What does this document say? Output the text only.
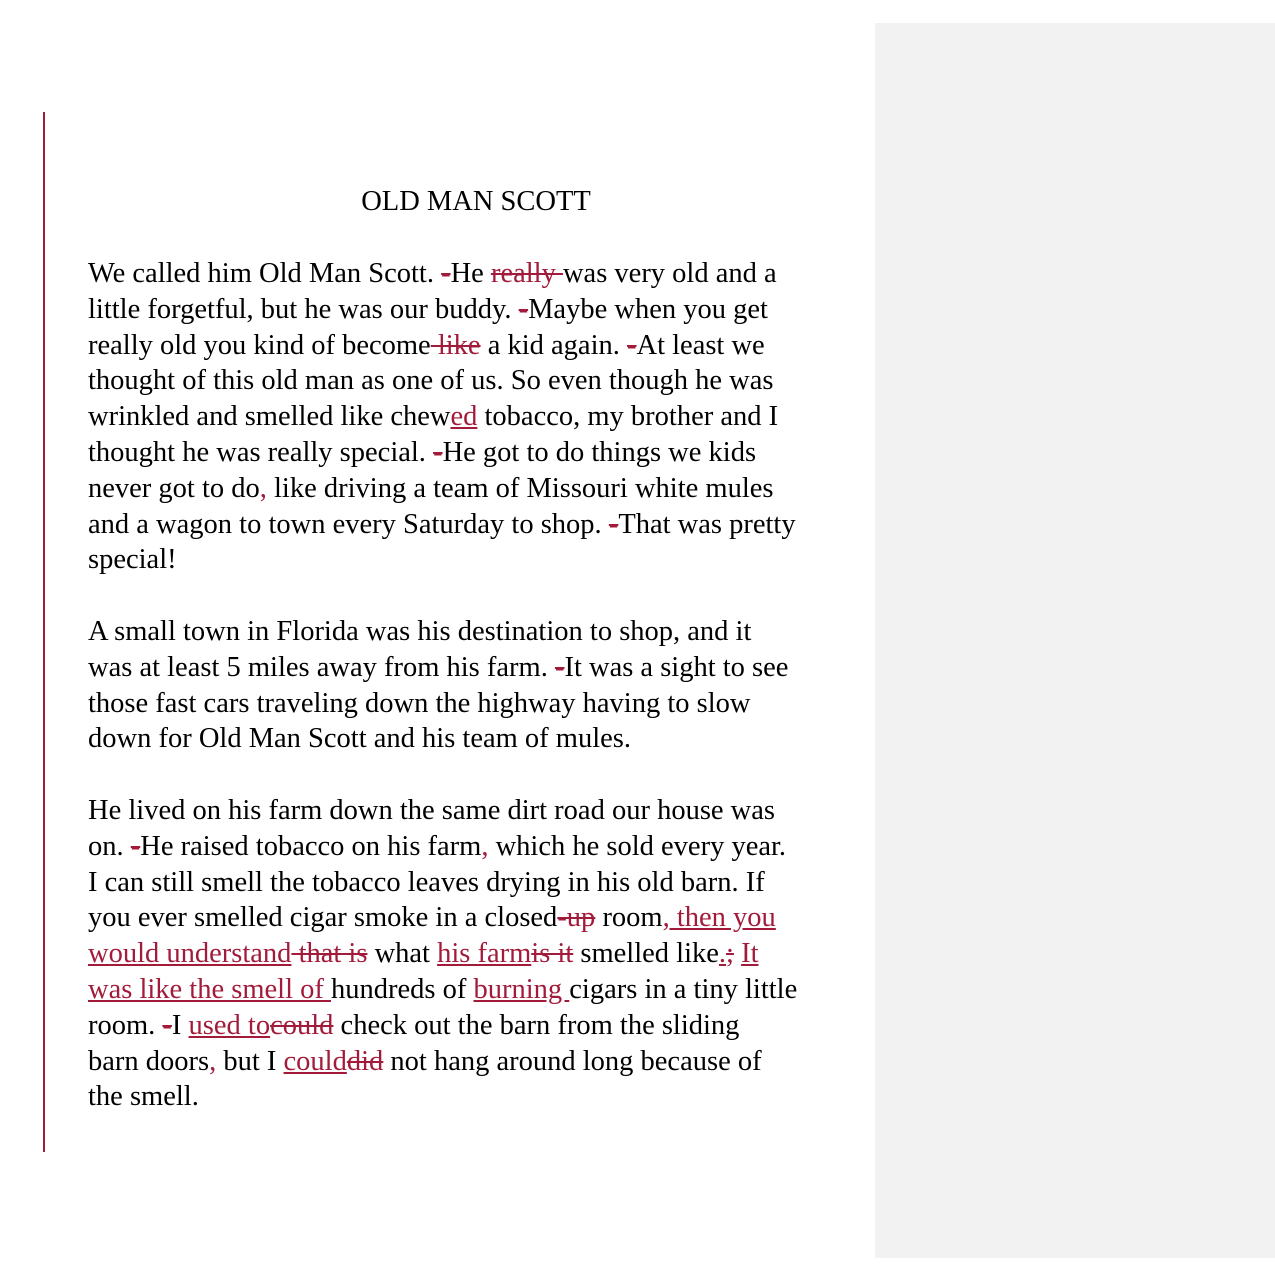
OLD MAN SCOTT
We called him Old Man Scott. -He really was very old and a
little forgetful, but he was our buddy. -Maybe when you get
really old you kind of become like a kid again. -At least we
thought of this old man as one of us. So even though he was
wrinkled and smelled like chewed tobacco, my brother and I
thought he was really special. -He got to do things we kids
never got to do, like driving a team of Missouri white mules
and a wagon to town every Saturday to shop. -That was pretty
special!
A small town in Florida was his destination to shop, and it
was at least 5 miles away from his farm. -It was a sight to see
those fast cars traveling down the highway having to slow
down for Old Man Scott and his team of mules.
He lived on his farm down the same dirt road our house was
on. -He raised tobacco on his farm, which he sold every year.
I can still smell the tobacco leaves drying in his old barn. If
you ever smelled cigar smoke in a closed-up room, then you
would understand that is what his farmis it smelled like.; It
was like the smell of hundreds of burning cigars in a tiny little
room. -I used tocould check out the barn from the sliding
barn doors, but I coulddid not hang around long because of
the smell.
